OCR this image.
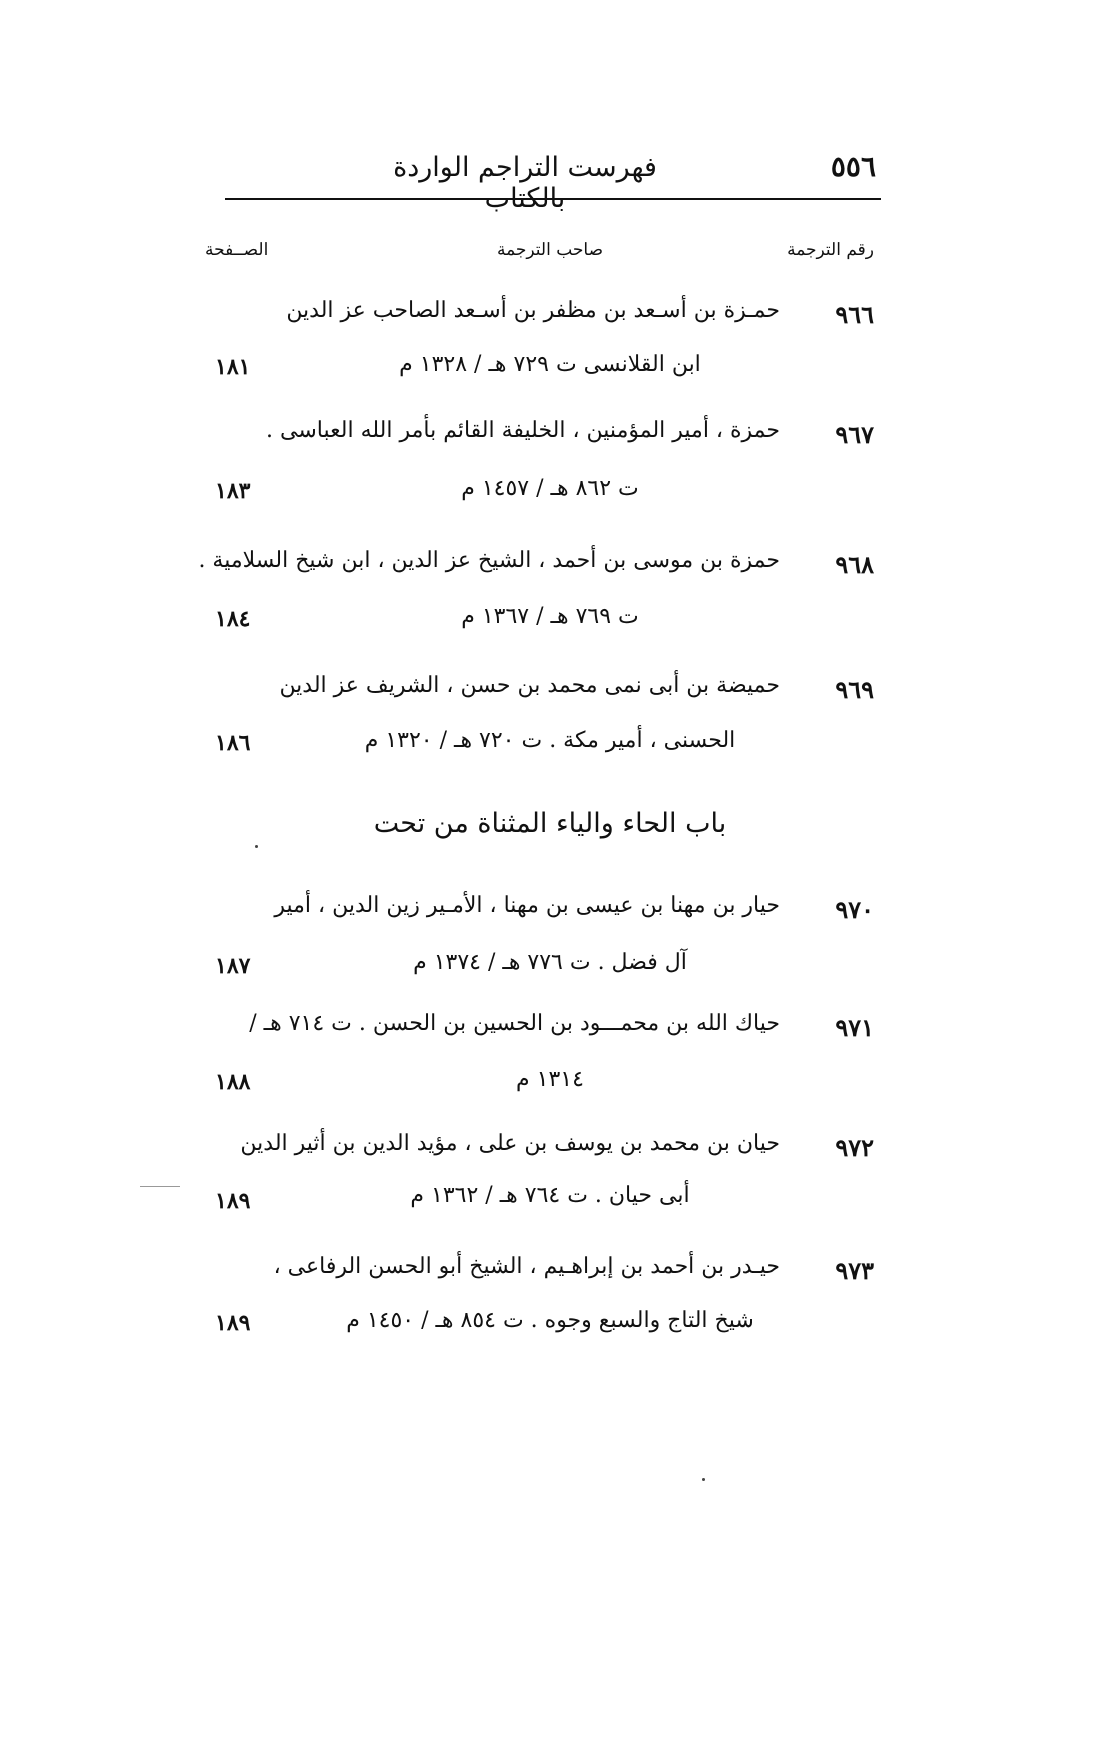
٥٥٦
فهرست التراجم الواردة بالكتاب
رقم الترجمة
صاحب الترجمة
الصــفحة
٩٦٦
حمـزة بن أسـعد بن مظفر بن أسـعد الصاحب عز الدين
ابن القلانسى ت ٧٢٩ هـ / ١٣٢٨ م
١٨١
٩٦٧
حمزة ، أمير المؤمنين ، الخليفة القائم بأمر الله العباسى .
ت ٨٦٢ هـ / ١٤٥٧ م
١٨٣
٩٦٨
حمزة بن موسى بن أحمد ، الشيخ عز الدين ، ابن شيخ السلامية .
ت ٧٦٩ هـ / ١٣٦٧ م
١٨٤
٩٦٩
حميضة بن أبى نمى محمد بن حسن ، الشريف عز الدين
الحسنى ، أمير مكة . ت ٧٢٠ هـ / ١٣٢٠ م
١٨٦
باب الحاء والياء المثناة من تحت
٩٧٠
حيار بن مهنا بن عيسى بن مهنا ، الأمـير زين الدين ، أمير
آل فضل . ت ٧٧٦ هـ / ١٣٧٤ م
١٨٧
٩٧١
حياك الله بن محمـــود بن الحسين بن الحسن . ت ٧١٤ هـ /
١٣١٤ م
١٨٨
٩٧٢
حيان بن محمد بن يوسف بن على ، مؤيد الدين بن أثير الدين
أبى حيان . ت ٧٦٤ هـ / ١٣٦٢ م
١٨٩
٩٧٣
حيـدر بن أحمد بن إبراهـيم ، الشيخ أبو الحسن الرفاعى ،
شيخ التاج والسبع وجوه . ت ٨٥٤ هـ / ١٤٥٠ م
١٨٩
